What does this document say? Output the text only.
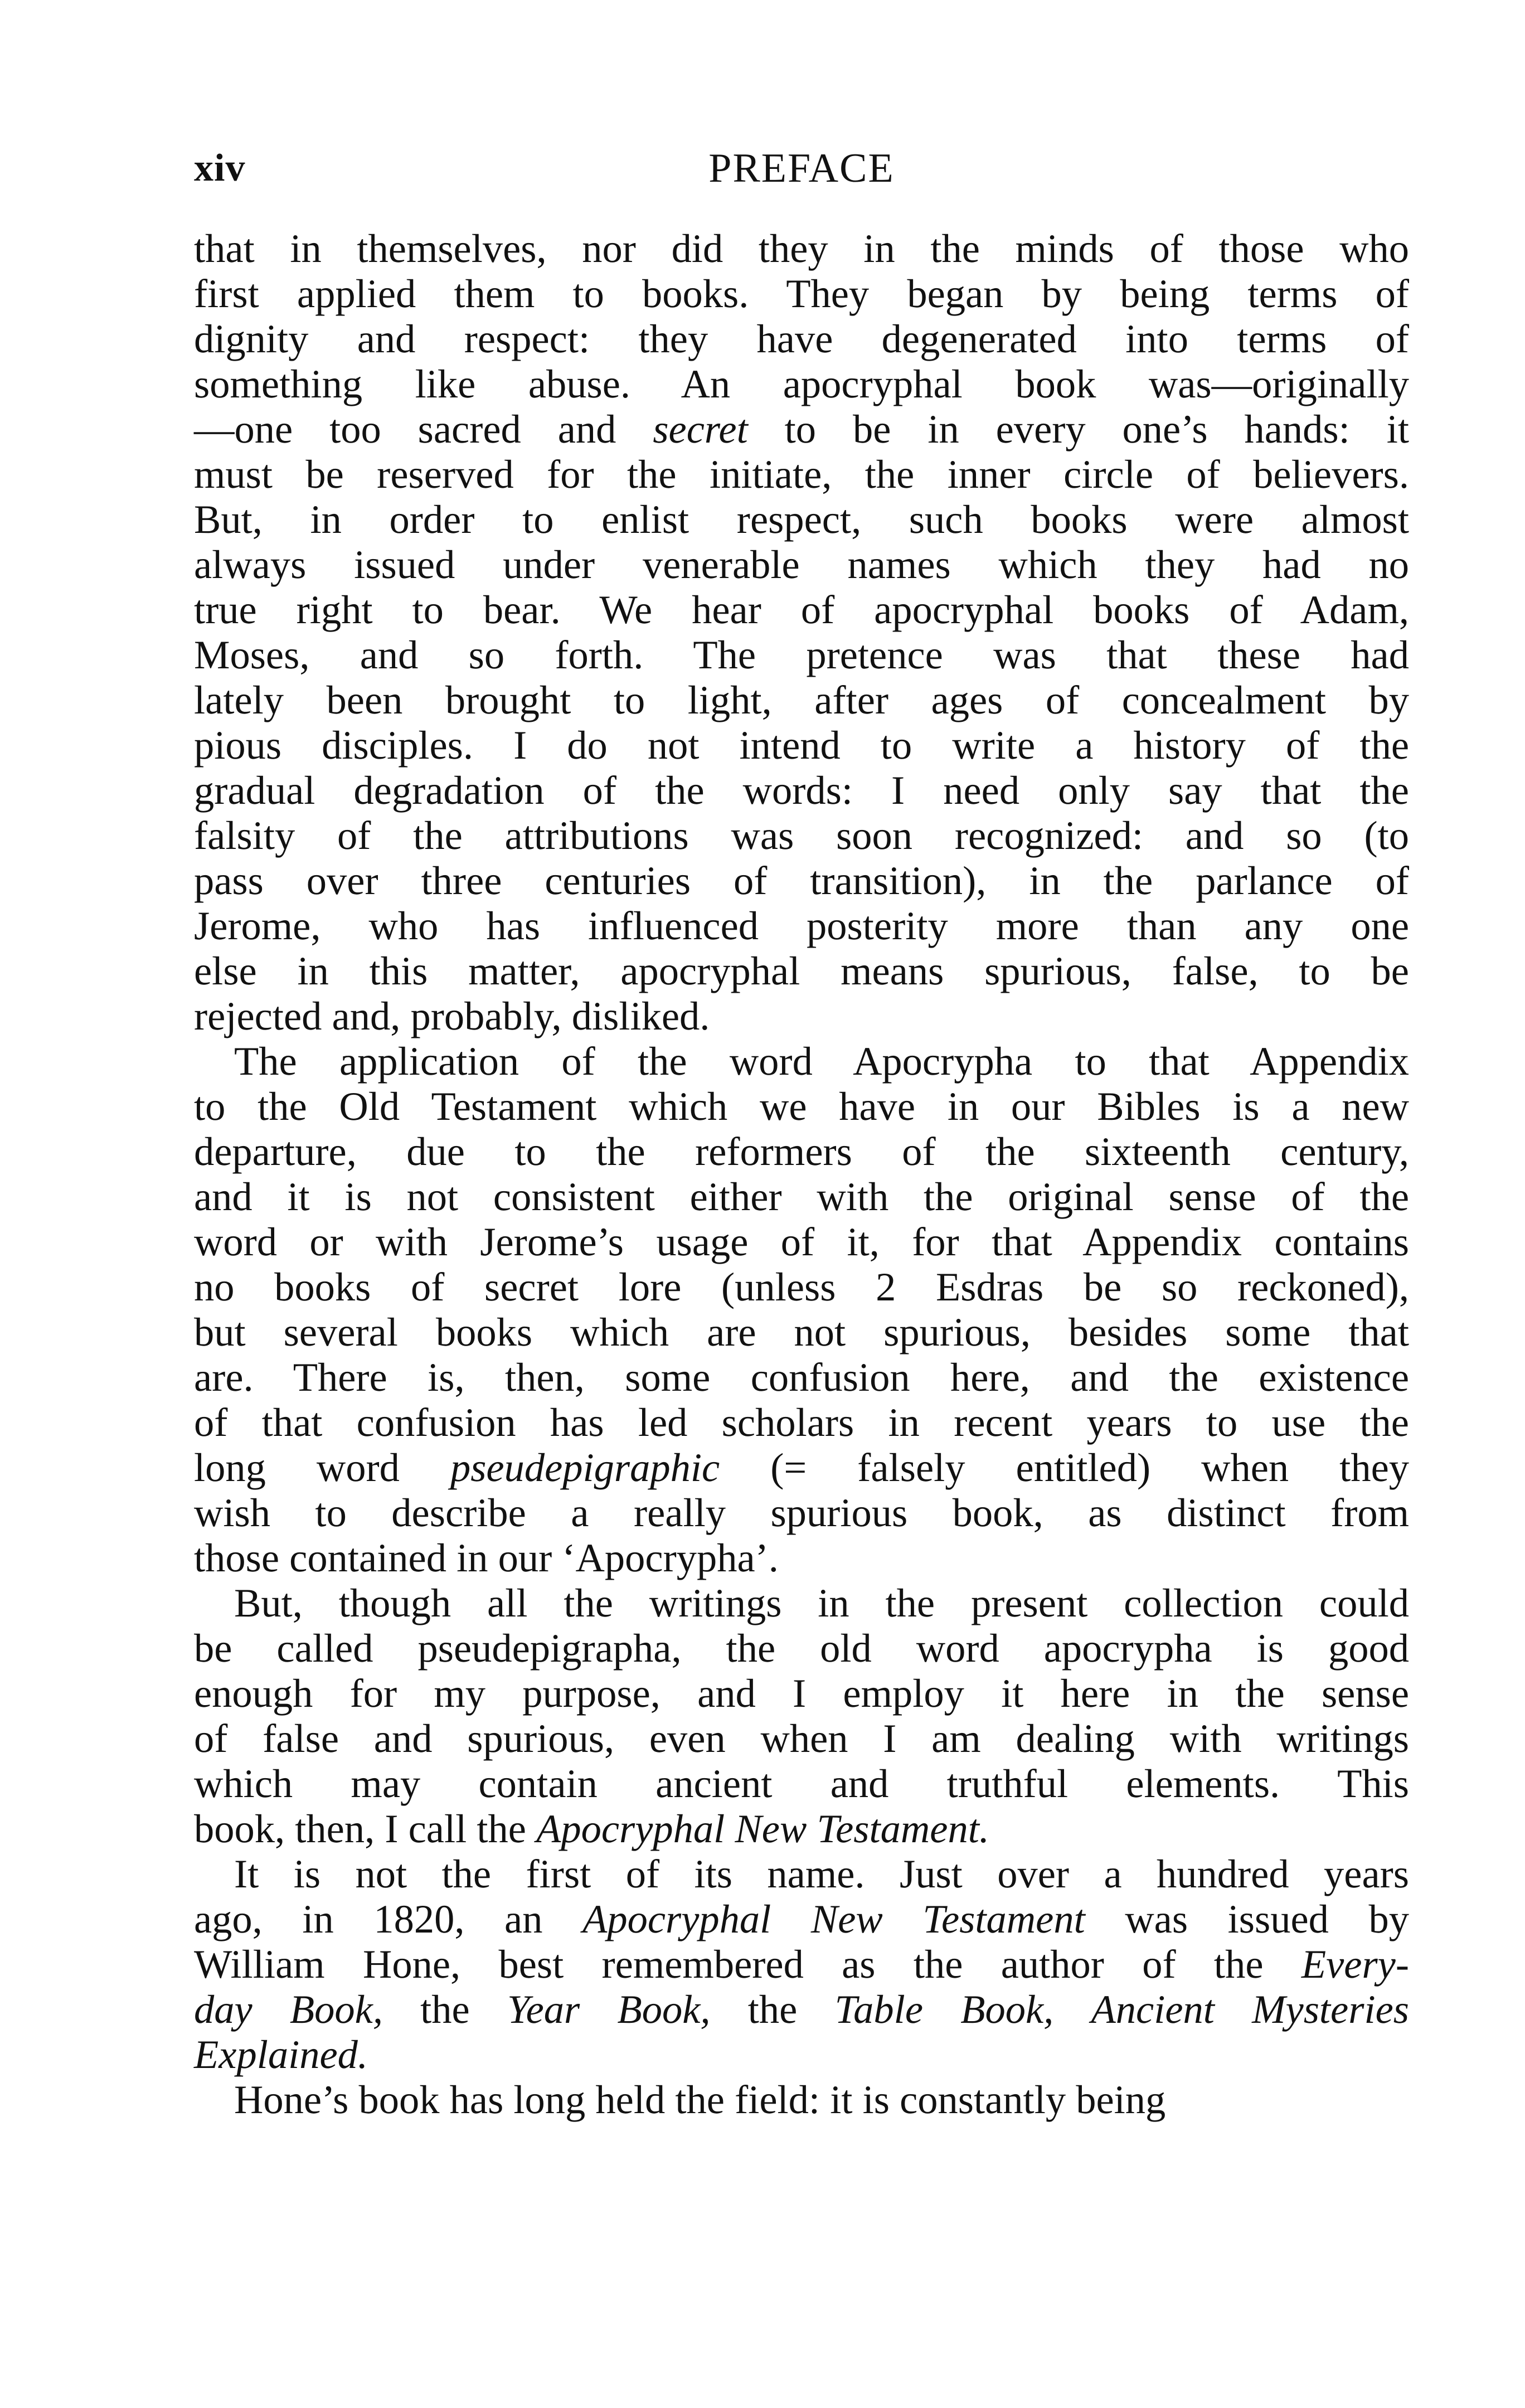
xiv	PREFACE
that in themselves, nor did they in the minds of those who
first applied them to books. They began by being terms of
dignity and respect: they have degenerated into terms of
something like abuse. An apocryphal book was—originally
—one too sacred and secret to be in every one’s hands: it
must be reserved for the initiate, the inner circle of believers.
But, in order to enlist respect, such books were almost
always issued under venerable names which they had no
true right to bear. We hear of apocryphal books of Adam,
Moses, and so forth. The pretence was that these had
lately been brought to light, after ages of concealment by
pious disciples. I do not intend to write a history of the
gradual degradation of the words: I need only say that the
falsity of the attributions was soon recognized: and so (to
pass over three centuries of transition), in the parlance of
Jerome, who has influenced posterity more than any one
else in this matter, apocryphal means spurious, false, to be
rejected and, probably, disliked.
The application of the word Apocrypha to that Appendix
to the Old Testament which we have in our Bibles is a new
departure, due to the reformers of the sixteenth century,
and it is not consistent either with the original sense of the
word or with Jerome’s usage of it, for that Appendix contains
no books of secret lore (unless 2 Esdras be so reckoned),
but several books which are not spurious, besides some that
are. There is, then, some confusion here, and the existence
of that confusion has led scholars in recent years to use the
long word pseudepigraphic (= falsely entitled) when they
wish to describe a really spurious book, as distinct from
those contained in our ‘Apocrypha’.
But, though all the writings in the present collection could
be called pseudepigrapha, the old word apocrypha is good
enough for my purpose, and I employ it here in the sense
of false and spurious, even when I am dealing with writings
which may contain ancient and truthful elements. This
book, then, I call the Apocryphal New Testament.
It is not the first of its name. Just over a hundred years
ago, in 1820, an Apocryphal New Testament was issued by
William Hone, best remembered as the author of the Every-
day Book, the Year Book, the Table Book, Ancient Mysteries
Explained.
Hone’s book has long held the field: it is constantly being
